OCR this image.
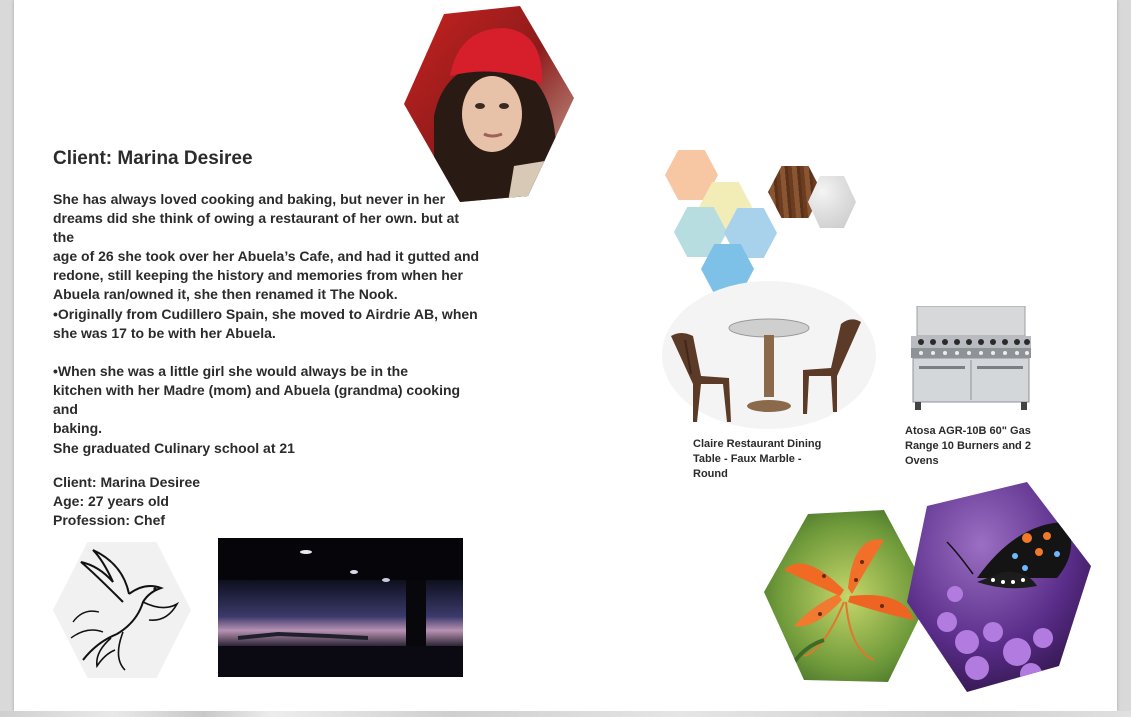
Client: Marina Desiree
She has always loved cooking and baking, but never in her
dreams did she think of owing a restaurant of her own. but at the
age of 26 she took over her Abuela’s Cafe, and had it gutted and
redone, still keeping the history and memories from when her
Abuela ran/owned it, she then renamed it The Nook.
•Originally from Cudillero Spain, she moved to Airdrie AB, when
she was 17 to be with her Abuela.
•When she was a little girl she would always be in the
kitchen with her Madre (mom) and Abuela (grandma) cooking and
baking.
She graduated Culinary school at 21
Client: Marina Desiree
Age: 27 years old
Profession: Chef
Claire Restaurant Dining
Table - Faux Marble -
Round
Atosa AGR-10B 60" Gas
Range 10 Burners and 2
Ovens
